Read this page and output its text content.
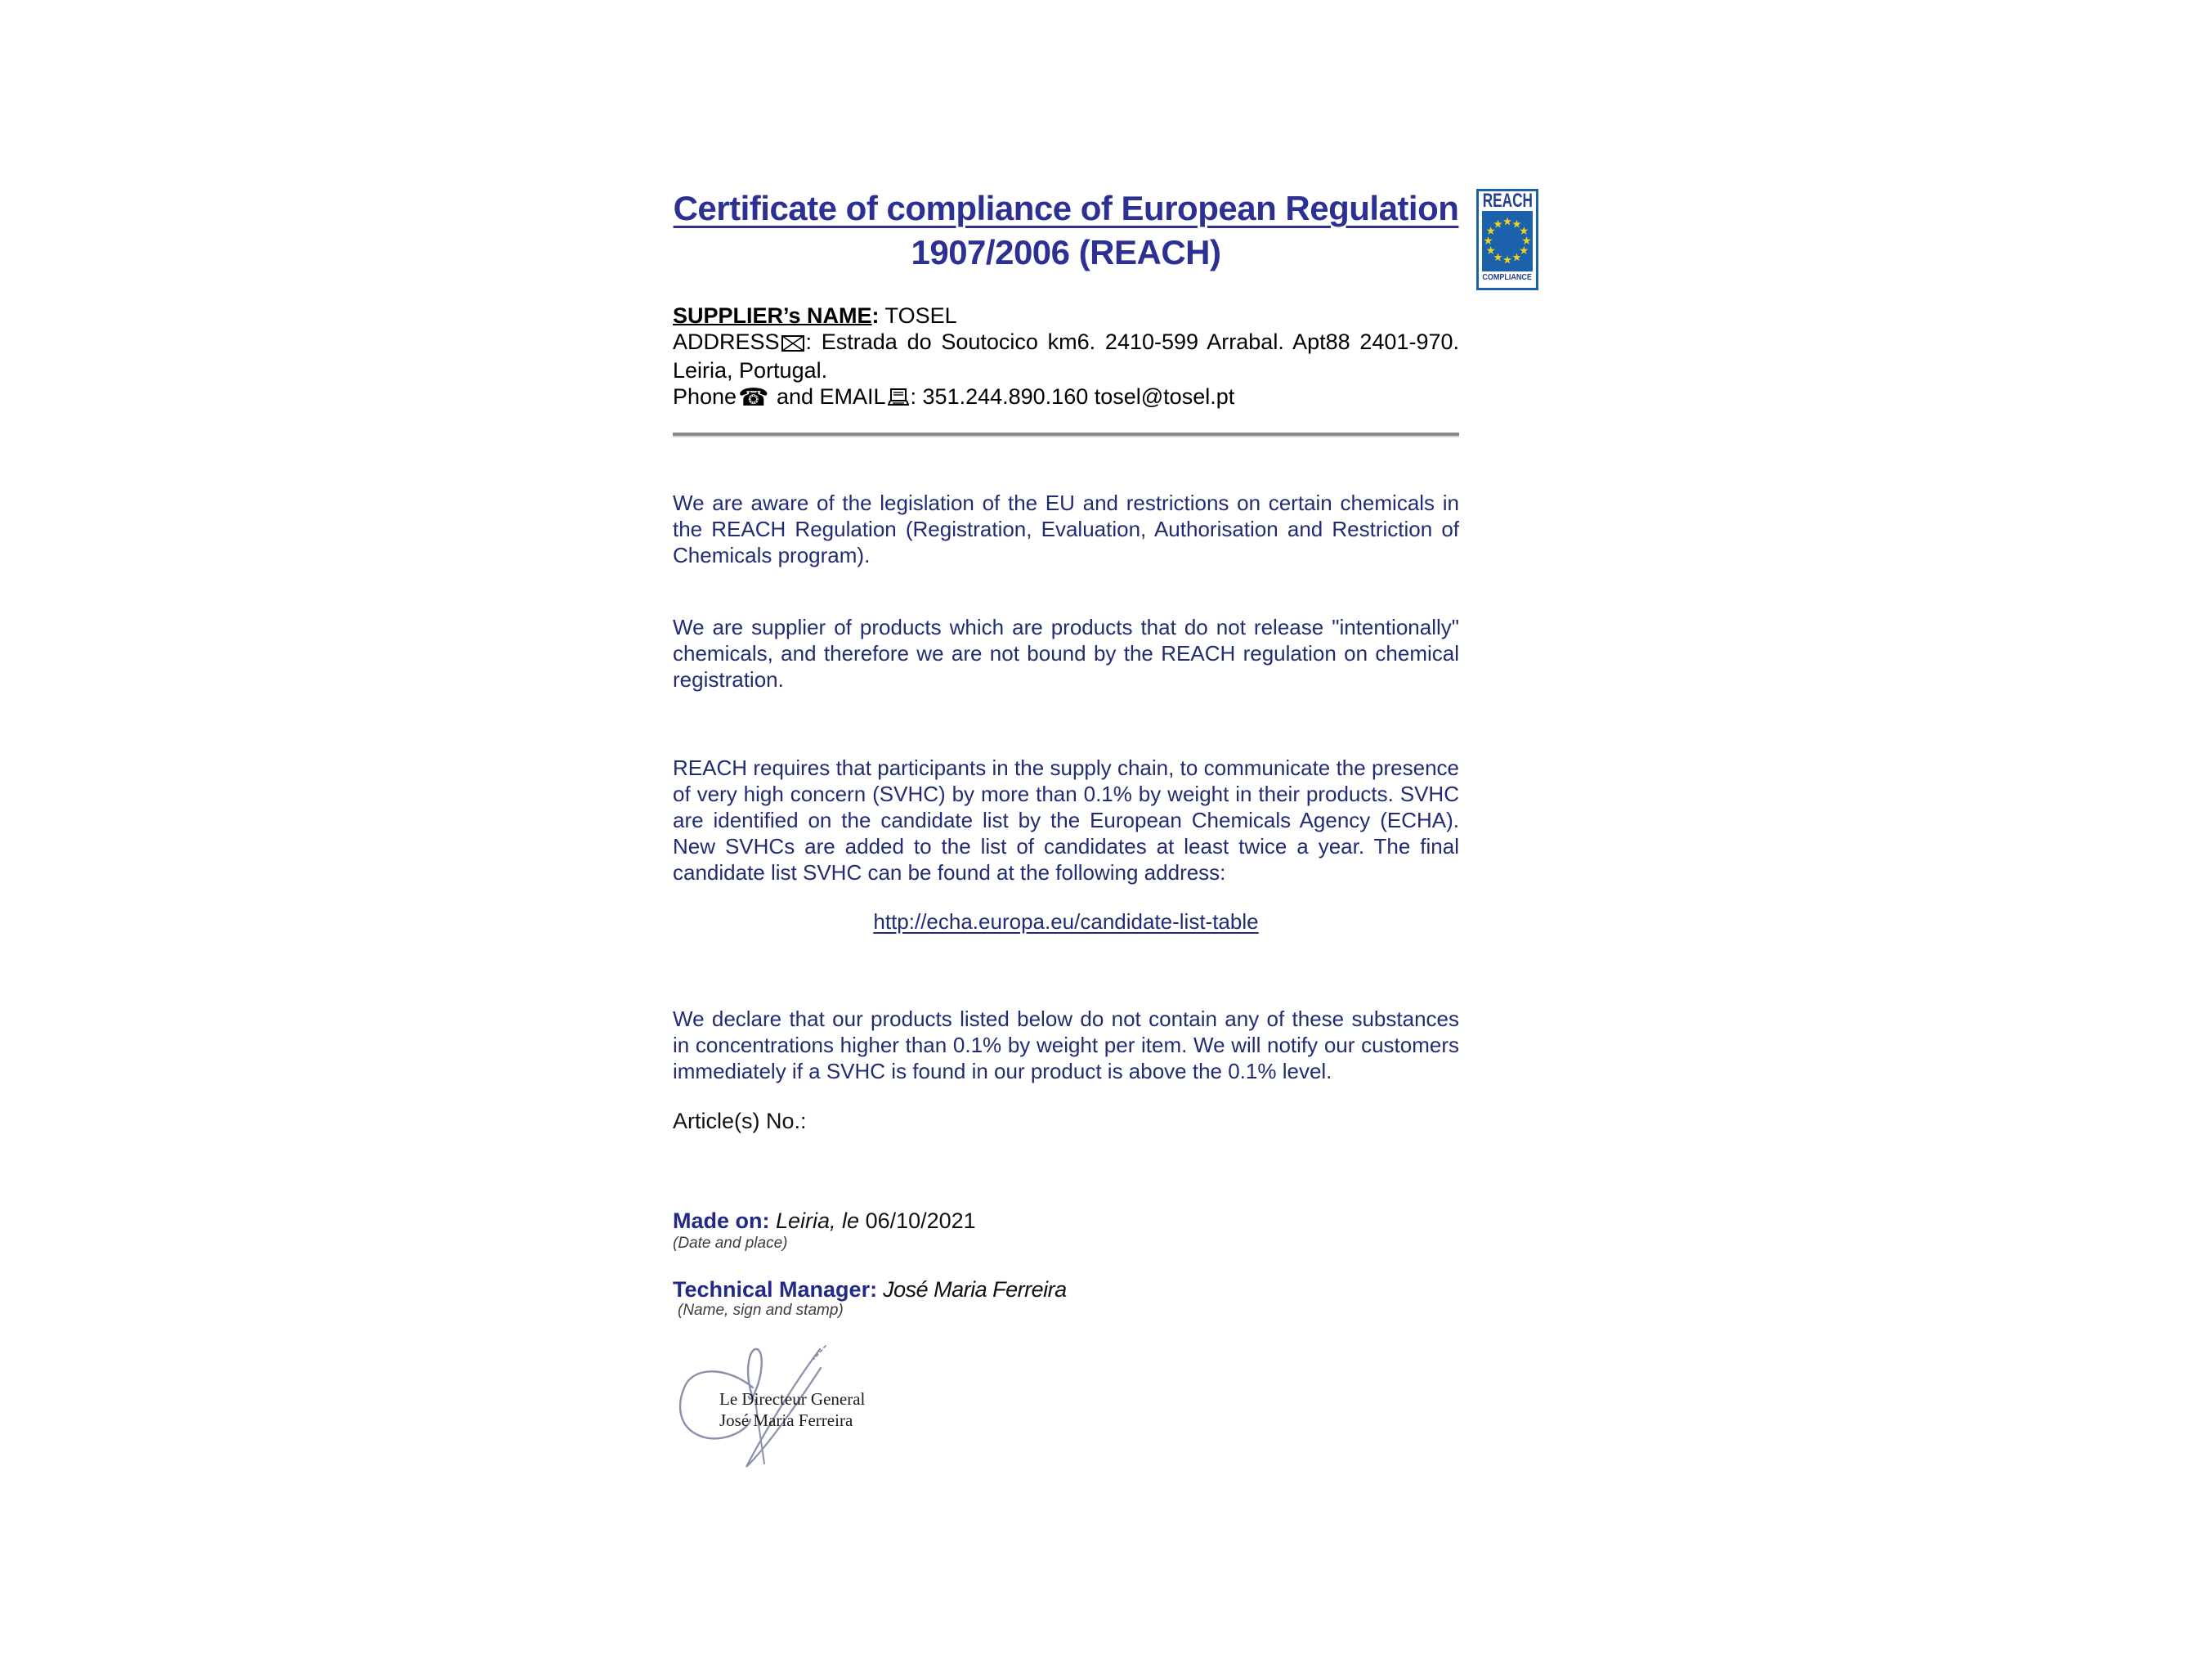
Certificate of compliance of European Regulation
1907/2006 (REACH)
REACH
COMPLIANCE
SUPPLIER’s NAME: TOSEL
ADDRESS : Estrada do Soutocico km6. 2410-599 Arrabal. Apt88 2401-970. Leiria, Portugal.
Phone☎ and EMAIL : 351.244.890.160 tosel@tosel.pt

We are aware of the legislation of the EU and restrictions on certain chemicals in the REACH Regulation (Registration, Evaluation, Authorisation and Restriction of Chemicals program).

We are supplier of products which are products that do not release "intentionally" chemicals, and therefore we are not bound by the REACH regulation on chemical registration.

REACH requires that participants in the supply chain, to communicate the presence of very high concern (SVHC) by more than 0.1% by weight in their products. SVHC are identified on the candidate list by the European Chemicals Agency (ECHA). New SVHCs are added to the list of candidates at least twice a year. The final candidate list SVHC can be found at the following address:

http://echa.europa.eu/candidate-list-table

We declare that our products listed below do not contain any of these substances in concentrations higher than 0.1% by weight per item. We will notify our customers immediately if a SVHC is found in our product is above the 0.1% level.

Article(s) No.:
Made on: Leiria, le 06/10/2021
(Date and place)
Technical Manager: José Maria Ferreira
(Name, sign and stamp)
Le Directeur General
José Maria Ferreira
